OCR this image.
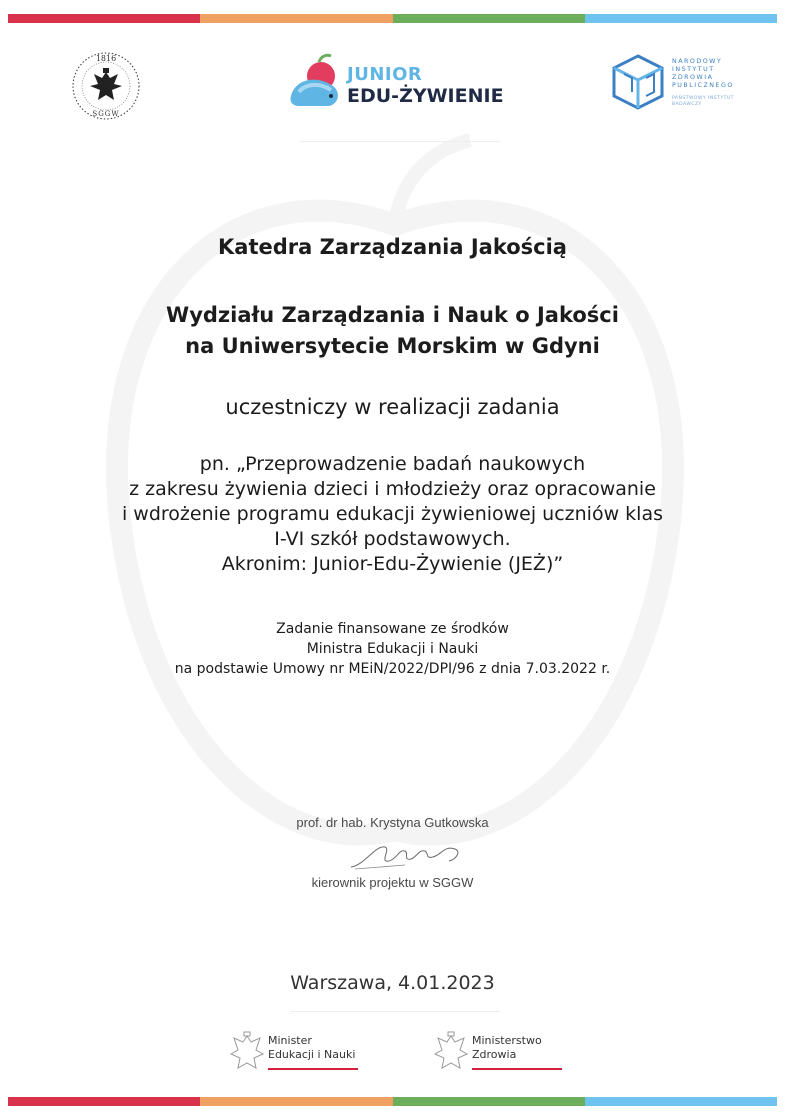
1816
SGGW
JUNIOR
EDU-ŻYWIENIE
NARODOWY
INSTYTUT
ZDROWIA
PUBLICZNEGO
PAŃSTWOWY INSTYTUT
BADAWCZY
Katedra Zarządzania Jakością
Wydziału Zarządzania i Nauk o Jakości
na Uniwersytecie Morskim w Gdyni
uczestniczy w realizacji zadania
pn. „Przeprowadzenie badań naukowych
z zakresu żywienia dzieci i młodzieży oraz opracowanie
i wdrożenie programu edukacji żywieniowej uczniów klas
I-VI szkół podstawowych.
Akronim: Junior-Edu-Żywienie (JEŻ)”
Zadanie finansowane ze środków
Ministra Edukacji i Nauki
na podstawie Umowy nr MEiN/2022/DPI/96 z dnia 7.03.2022 r.
prof. dr hab. Krystyna Gutkowska
kierownik projektu w SGGW
Warszawa, 4.01.2023
Minister
Edukacji i Nauki
Ministerstwo
Zdrowia
